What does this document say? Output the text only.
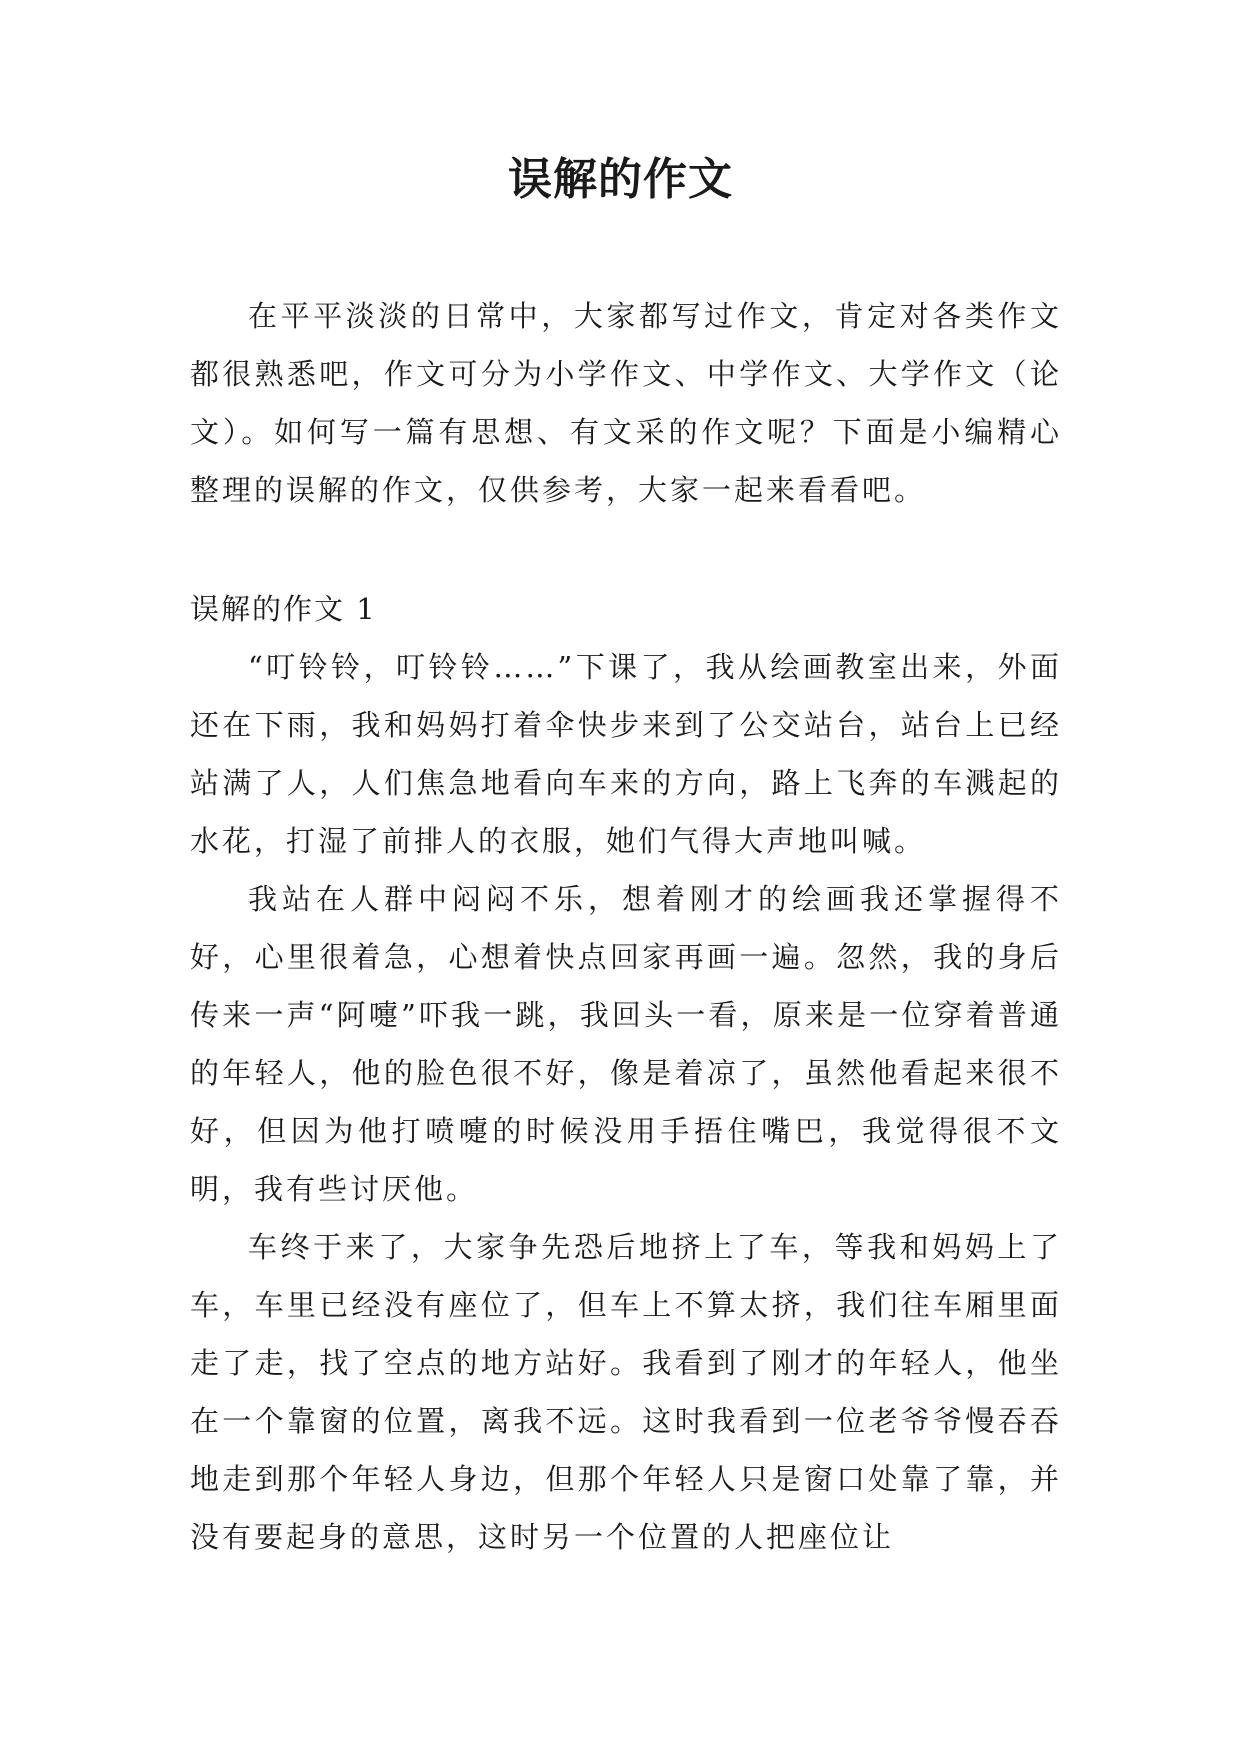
误解的作文

在平平淡淡的日常中，大家都写过作文，肯定对各类作文都很熟悉吧，作文可分为小学作文、中学作文、大学作文（论文）。如何写一篇有思想、有文采的作文呢？下面是小编精心整理的误解的作文，仅供参考，大家一起来看看吧。

误解的作文 1

“叮铃铃，叮铃铃……”下课了，我从绘画教室出来，外面还在下雨，我和妈妈打着伞快步来到了公交站台，站台上已经站满了人，人们焦急地看向车来的方向，路上飞奔的车溅起的水花，打湿了前排人的衣服，她们气得大声地叫喊。

我站在人群中闷闷不乐，想着刚才的绘画我还掌握得不好，心里很着急，心想着快点回家再画一遍。忽然，我的身后传来一声“阿嚏”吓我一跳，我回头一看，原来是一位穿着普通的年轻人，他的脸色很不好，像是着凉了，虽然他看起来很不好，但因为他打喷嚏的时候没用手捂住嘴巴，我觉得很不文明，我有些讨厌他。

车终于来了，大家争先恐后地挤上了车，等我和妈妈上了车，车里已经没有座位了，但车上不算太挤，我们往车厢里面走了走，找了空点的地方站好。我看到了刚才的年轻人，他坐在一个靠窗的位置，离我不远。这时我看到一位老爷爷慢吞吞地走到那个年轻人身边，但那个年轻人只是窗口处靠了靠，并没有要起身的意思，这时另一个位置的人把座位让
